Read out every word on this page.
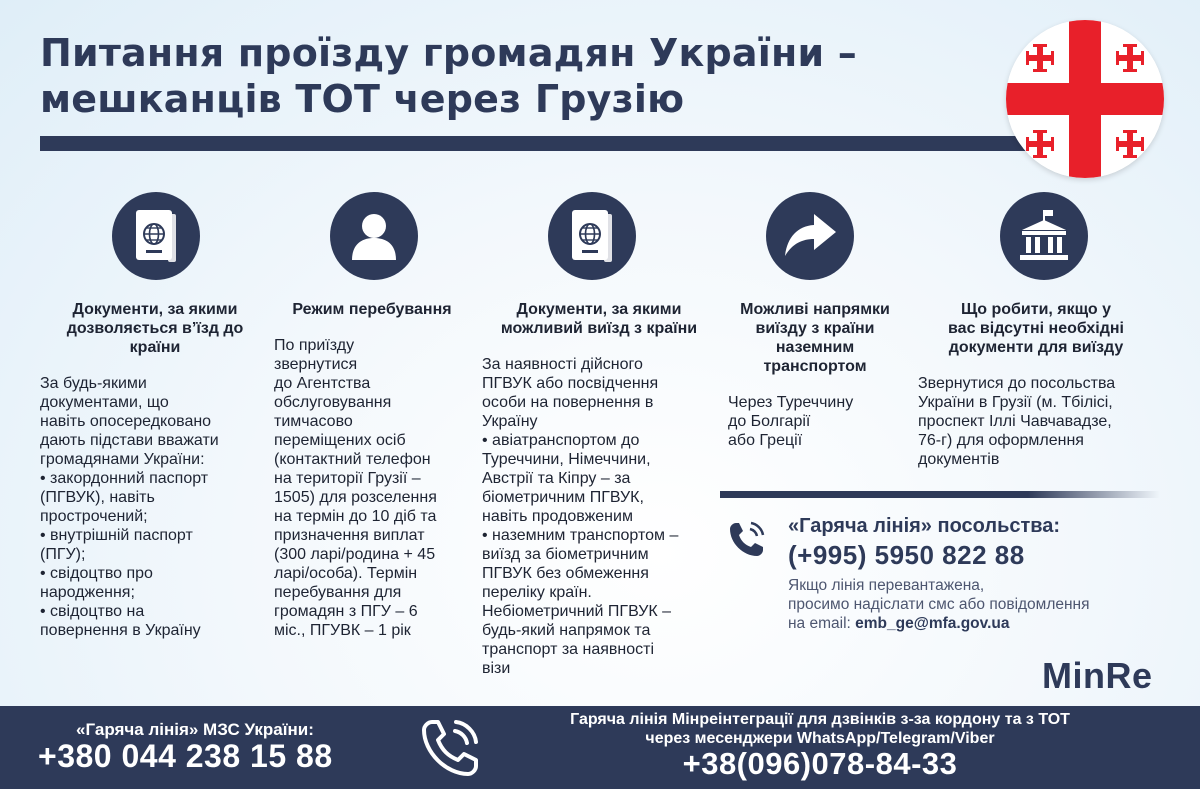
Питання проїзду громадян України –
мешканців ТОТ через Грузію
Документи, за якими
дозволяється вʼїзд до
країни
Режим перебування	Документи, за якими
можливий виїзд з країни
Можливі напрямки
виїзду з країни
наземним
транспортом
Що робити, якщо у
вас відсутні необхідні
документи для виїзду
За будь-якими
документами, що
навіть опосередковано
дають підстави вважати
громадянами України:
• закордонний паспорт
(ПГВУК), навіть
прострочений;
• внутрішній паспорт
(ПГУ);
• свідоцтво про
народження;
• свідоцтво на
повернення в Україну
По приїзду
звернутися
до Агентства
обслуговування
тимчасово
переміщених осіб
(контактний телефон
на території Грузії –
1505) для розселення
на термін до 10 діб та
призначення виплат
(300 ларі/родина + 45
ларі/особа). Термін
перебування для
громадян з ПГУ – 6
міс., ПГУВК – 1 рік
За наявності дійсного
ПГВУК або посвідчення
особи на повернення в
Україну
• авіатранспортом до
Туреччини, Німеччини,
Австрії та Кіпру – за
біометричним ПГВУК,
навіть продовженим
• наземним транспортом –
виїзд за біометричним
ПГВУК без обмеження
переліку країн.
Небіометричний ПГВУК –
будь-який напрямок та
транспорт за наявності
візи
Через Туреччину
до Болгарії
або Греції
Звернутися до посольства
України в Грузії (м. Тбілісі,
проспект Іллі Чавчавадзе,
76-г) для оформлення
документів
«Гаряча лінія» посольства:
(+995) 5950 822 88
Якщо лінія перевантажена,
просимо надіслати смс або повідомлення
на email: emb_ge@mfa.gov.ua
MinRe
«Гаряча лінія» МЗС України:
+380 044 238 15 88
Гаряча лінія Мінреінтеграції для дзвінків з-за кордону та з ТОТ
через месенджери WhatsApp/Telegram/Viber
+38(096)078-84-33
